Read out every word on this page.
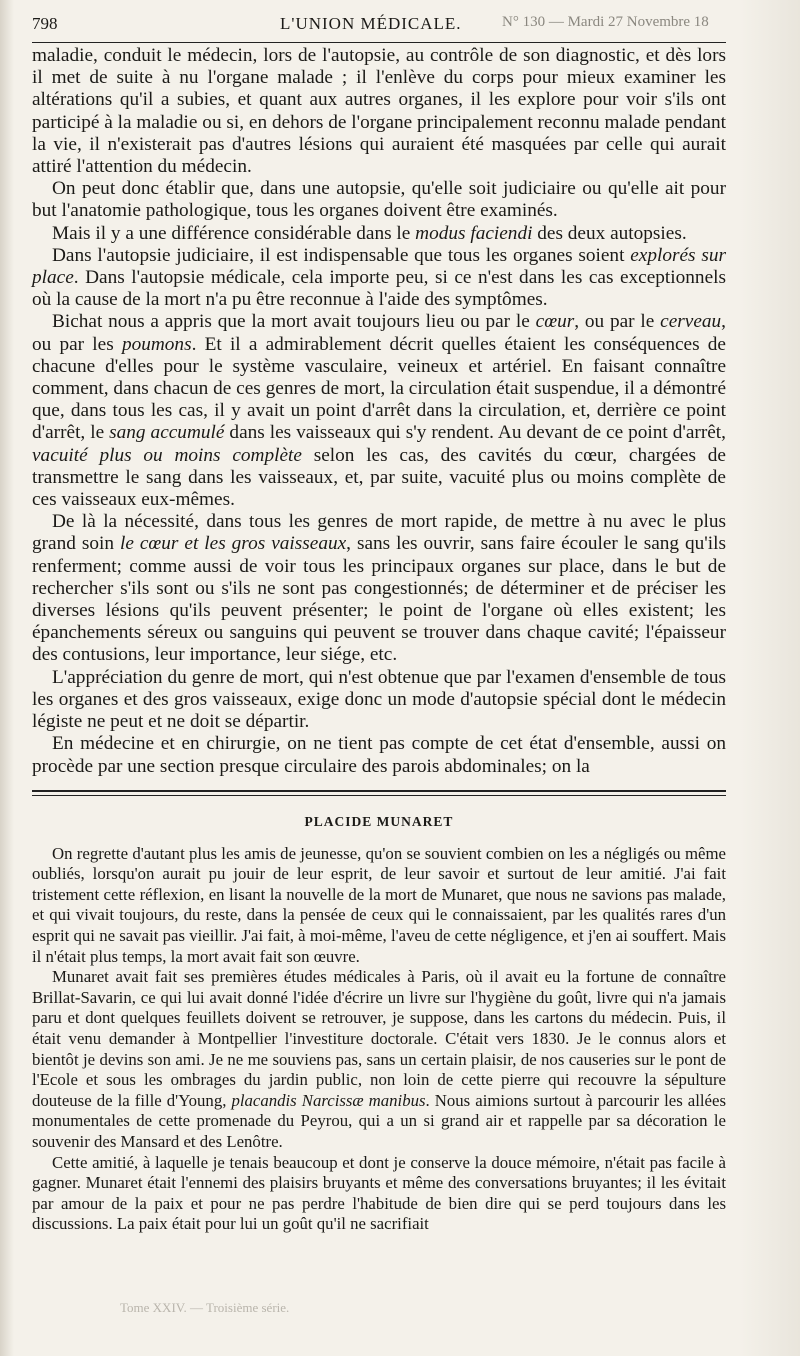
798	L'UNION MÉDICALE.	N° 130 — Mardi 27 Novembre 18

maladie, conduit le médecin, lors de l'autopsie, au contrôle de son diagnostic, et dès lors il met de suite à nu l'organe malade ; il l'enlève du corps pour mieux examiner les altérations qu'il a subies, et quant aux autres organes, il les explore pour voir s'ils ont participé à la maladie ou si, en dehors de l'organe principalement reconnu malade pendant la vie, il n'existerait pas d'autres lésions qui auraient été masquées par celle qui aurait attiré l'attention du médecin.

On peut donc établir que, dans une autopsie, qu'elle soit judiciaire ou qu'elle ait pour but l'anatomie pathologique, tous les organes doivent être examinés.

Mais il y a une différence considérable dans le modus faciendi des deux autopsies.

Dans l'autopsie judiciaire, il est indispensable que tous les organes soient explorés sur place. Dans l'autopsie médicale, cela importe peu, si ce n'est dans les cas exceptionnels où la cause de la mort n'a pu être reconnue à l'aide des symptômes.

Bichat nous a appris que la mort avait toujours lieu ou par le cœur, ou par le cerveau, ou par les poumons. Et il a admirablement décrit quelles étaient les conséquences de chacune d'elles pour le système vasculaire, veineux et artériel. En faisant connaître comment, dans chacun de ces genres de mort, la circulation était suspendue, il a démontré que, dans tous les cas, il y avait un point d'arrêt dans la circulation, et, derrière ce point d'arrêt, le sang accumulé dans les vaisseaux qui s'y rendent. Au devant de ce point d'arrêt, vacuité plus ou moins complète selon les cas, des cavités du cœur, chargées de transmettre le sang dans les vaisseaux, et, par suite, vacuité plus ou moins complète de ces vaisseaux eux-mêmes.

De là la nécessité, dans tous les genres de mort rapide, de mettre à nu avec le plus grand soin le cœur et les gros vaisseaux, sans les ouvrir, sans faire écouler le sang qu'ils renferment; comme aussi de voir tous les principaux organes sur place, dans le but de rechercher s'ils sont ou s'ils ne sont pas congestionnés; de déterminer et de préciser les diverses lésions qu'ils peuvent présenter; le point de l'organe où elles existent; les épanchements séreux ou sanguins qui peuvent se trouver dans chaque cavité; l'épaisseur des contusions, leur importance, leur siége, etc.

L'appréciation du genre de mort, qui n'est obtenue que par l'examen d'ensemble de tous les organes et des gros vaisseaux, exige donc un mode d'autopsie spécial dont le médecin légiste ne peut et ne doit se départir.

En médecine et en chirurgie, on ne tient pas compte de cet état d'ensemble, aussi on procède par une section presque circulaire des parois abdominales; on la

PLACIDE MUNARET

On regrette d'autant plus les amis de jeunesse, qu'on se souvient combien on les a négligés ou même oubliés, lorsqu'on aurait pu jouir de leur esprit, de leur savoir et surtout de leur amitié. J'ai fait tristement cette réflexion, en lisant la nouvelle de la mort de Munaret, que nous ne savions pas malade, et qui vivait toujours, du reste, dans la pensée de ceux qui le connaissaient, par les qualités rares d'un esprit qui ne savait pas vieillir. J'ai fait, à moi-même, l'aveu de cette négligence, et j'en ai souffert. Mais il n'était plus temps, la mort avait fait son œuvre.

Munaret avait fait ses premières études médicales à Paris, où il avait eu la fortune de connaître Brillat-Savarin, ce qui lui avait donné l'idée d'écrire un livre sur l'hygiène du goût, livre qui n'a jamais paru et dont quelques feuillets doivent se retrouver, je suppose, dans les cartons du médecin. Puis, il était venu demander à Montpellier l'investiture doctorale. C'était vers 1830. Je le connus alors et bientôt je devins son ami. Je ne me souviens pas, sans un certain plaisir, de nos causeries sur le pont de l'Ecole et sous les ombrages du jardin public, non loin de cette pierre qui recouvre la sépulture douteuse de la fille d'Young, placandis Narcissæ manibus. Nous aimions surtout à parcourir les allées monumentales de cette promenade du Peyrou, qui a un si grand air et rappelle par sa décoration le souvenir des Mansard et des Lenôtre.

Cette amitié, à laquelle je tenais beaucoup et dont je conserve la douce mémoire, n'était pas facile à gagner. Munaret était l'ennemi des plaisirs bruyants et même des conversations bruyantes; il les évitait par amour de la paix et pour ne pas perdre l'habitude de bien dire qui se perd toujours dans les discussions. La paix était pour lui un goût qu'il ne sacrifiait

Tome XXIV. — Troisième série.
